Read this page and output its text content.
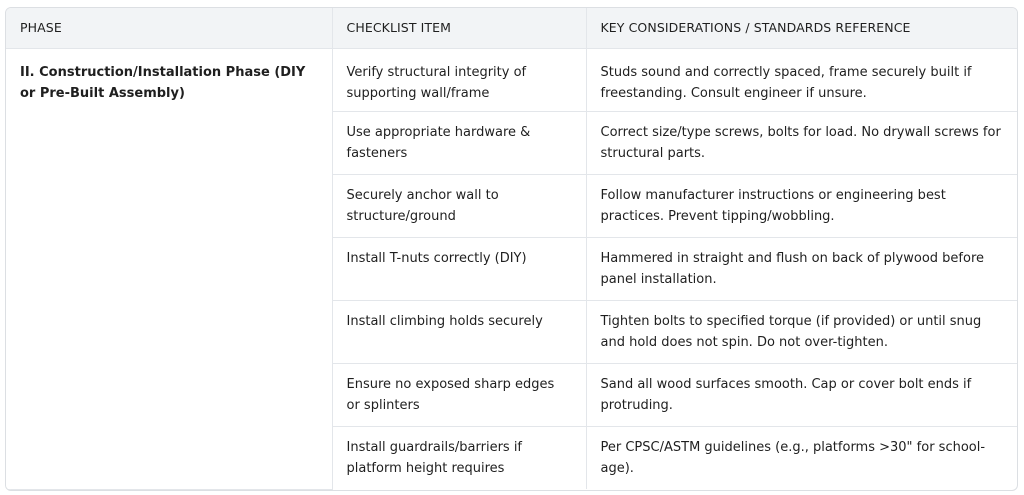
PHASE	CHECKLIST ITEM	KEY CONSIDERATIONS / STANDARDS REFERENCE
II. Construction/Installation Phase (DIY or Pre-Built Assembly)	Verify structural integrity of supporting wall/frame	Studs sound and correctly spaced, frame securely built if freestanding. Consult engineer if unsure.
	Use appropriate hardware & fasteners	Correct size/type screws, bolts for load. No drywall screws for structural parts.
	Securely anchor wall to structure/ground	Follow manufacturer instructions or engineering best practices. Prevent tipping/wobbling.
	Install T-nuts correctly (DIY)	Hammered in straight and flush on back of plywood before panel installation.
	Install climbing holds securely	Tighten bolts to specified torque (if provided) or until snug and hold does not spin. Do not over-tighten.
	Ensure no exposed sharp edges or splinters	Sand all wood surfaces smooth. Cap or cover bolt ends if protruding.
	Install guardrails/barriers if platform height requires	Per CPSC/ASTM guidelines (e.g., platforms >30" for school-age).
